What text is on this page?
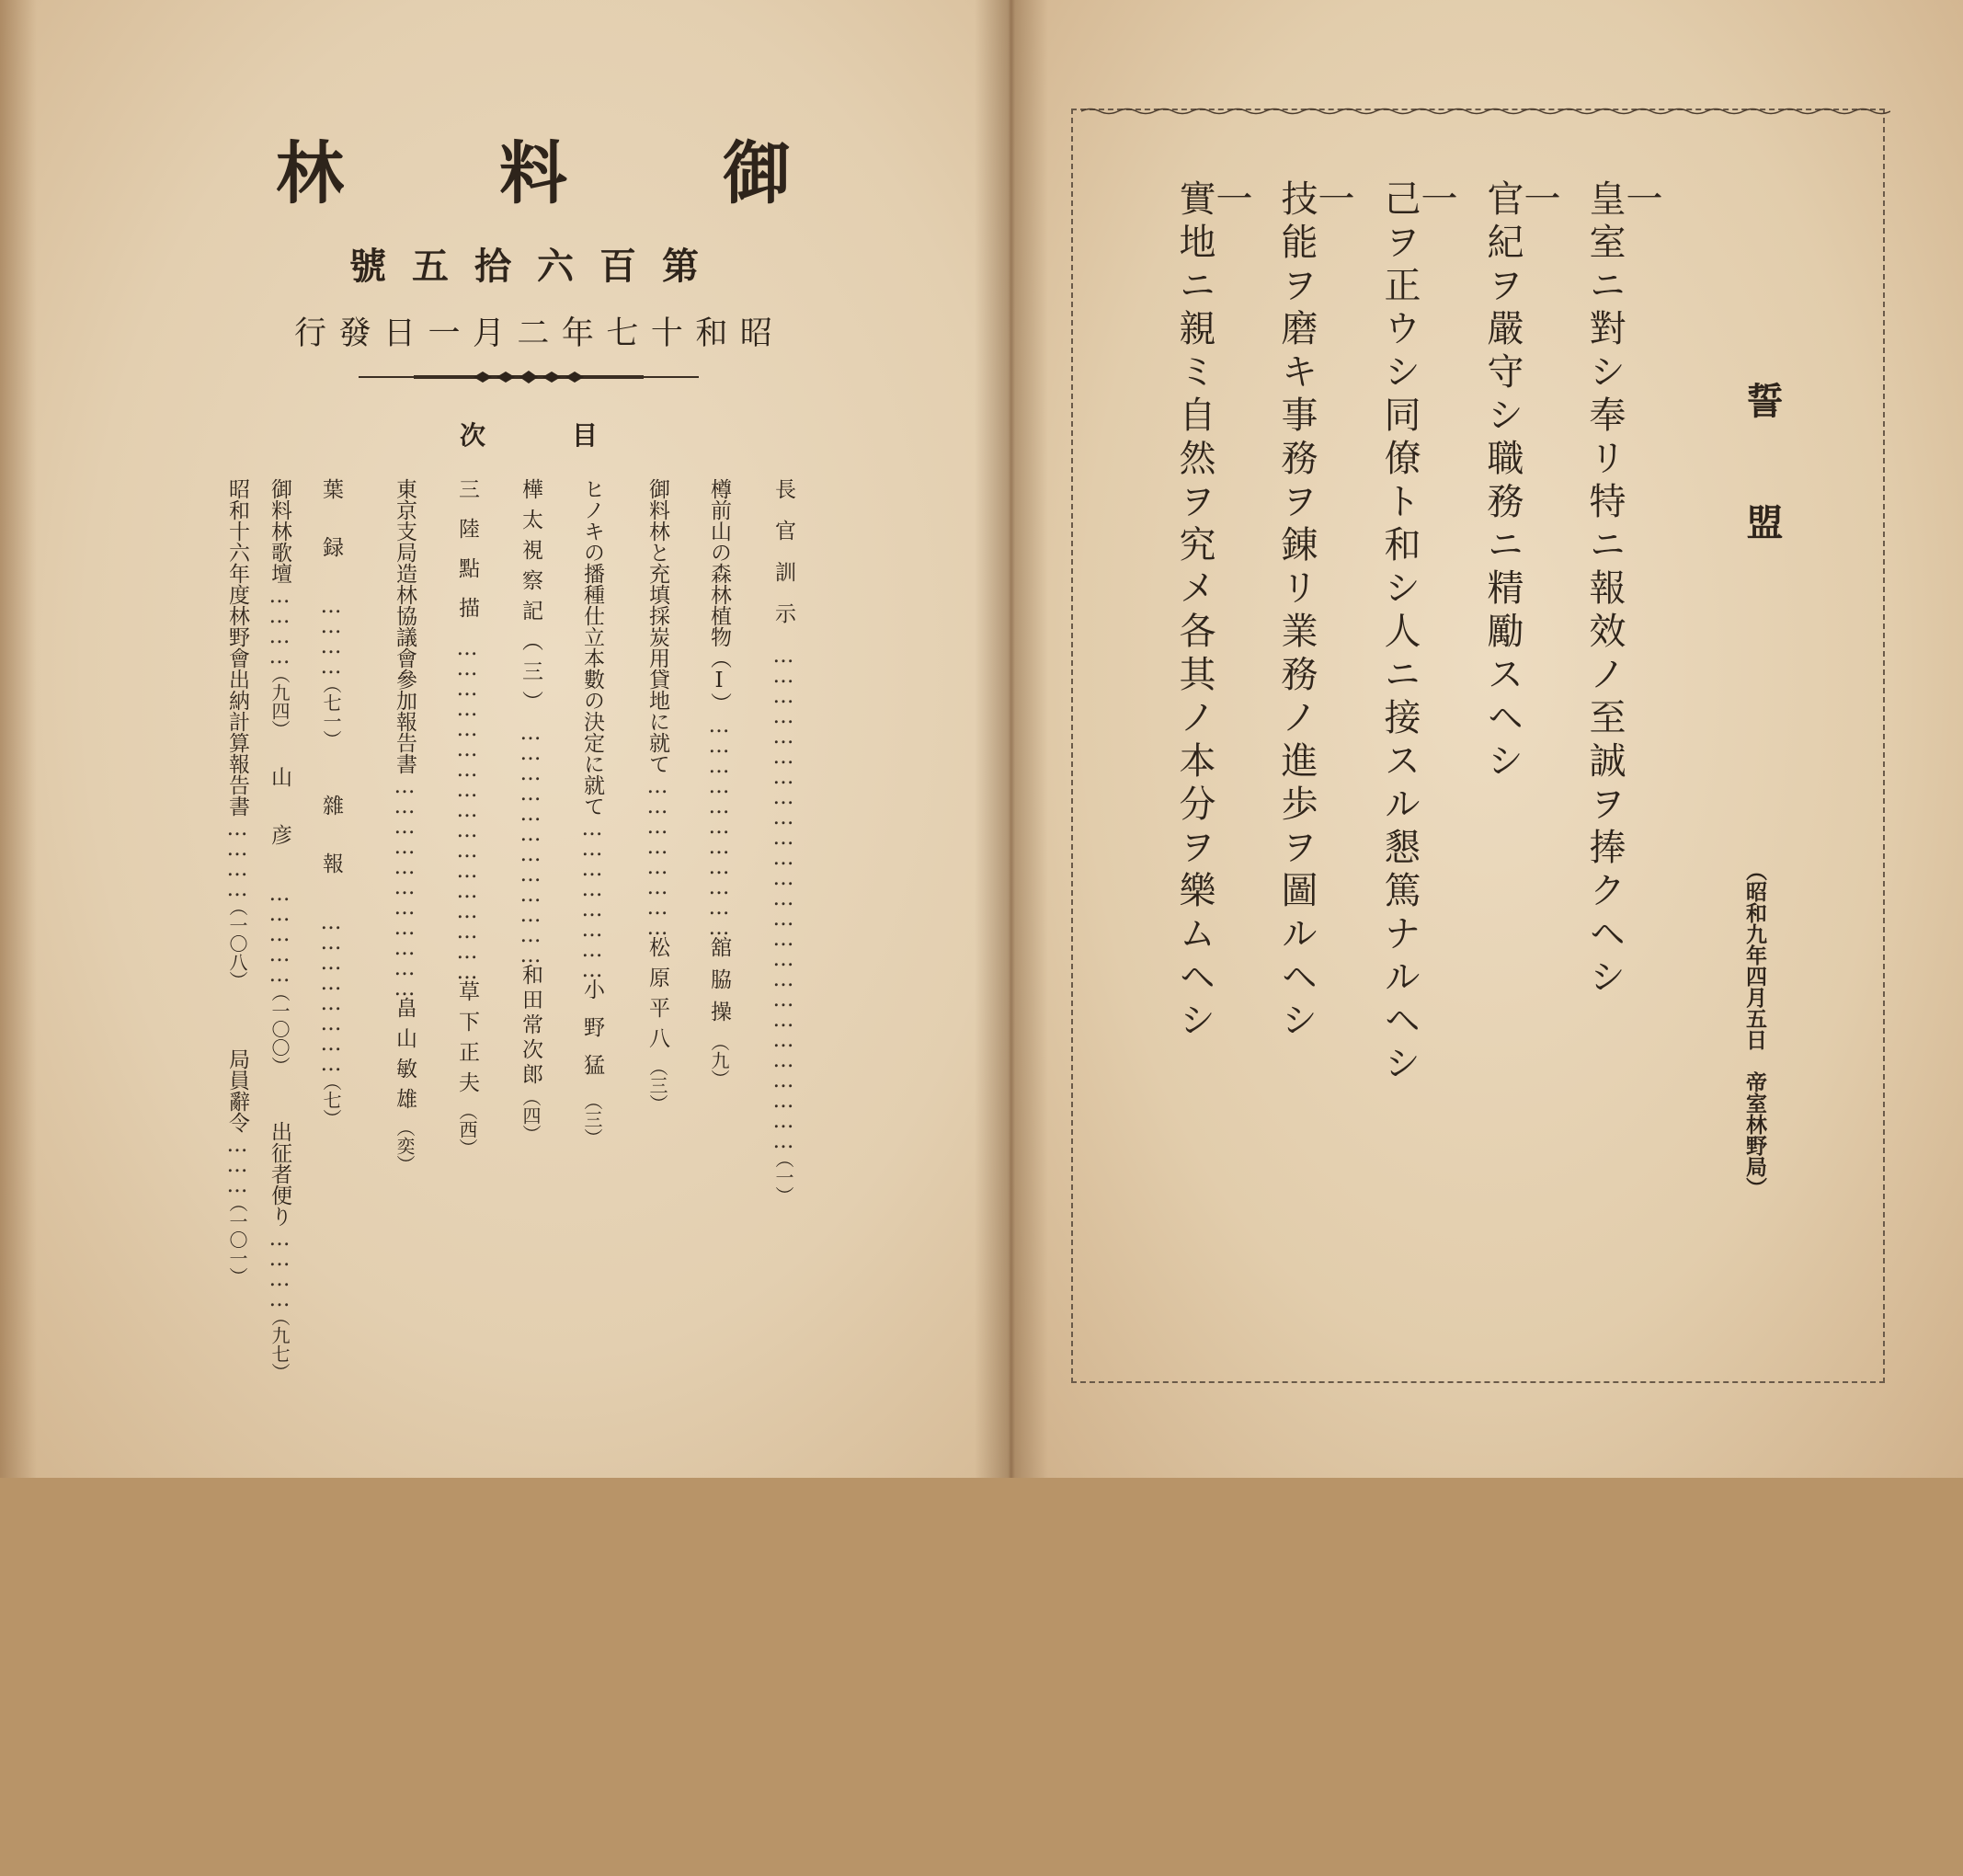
林 料 御
號 五 拾 六 百 第
行 發 日 一 月 二 年 七 十 和 昭
次	目
長官訓示…………………………………………………………………（一）
樽前山の森林植物（Ⅰ）……………………………舘脇操（九）
御料林と充填採炭用貸地に就て……………………松原平八（三）
ヒノキの播種仕立本數の決定に就て……………………小野猛（三）
樺太視察記（三）………………………………和田常次郎（四）
三陸點描……………………………………………草下正夫（西）
東京支局造林協議會參加報告書……………………………畠山敏雄（奕）
葉録…………（七一）雜報……………………（七）
御料林歌壇…………（九四）山彦……………（一〇〇）出征者便り…………（九七）
昭和十六年度林野會出納計算報告書…………（一〇八）
局員辭令………（一〇一）
誓盟
一
皇室ニ對シ奉リ特ニ報效ノ至誠ヲ捧クヘシ
一
官紀ヲ嚴守シ職務ニ精勵スヘシ
一
己ヲ正ウシ同僚ト和シ人ニ接スル懇篤ナルヘシ
一
技能ヲ磨キ事務ヲ錬リ業務ノ進歩ヲ圖ルヘシ
一
實地ニ親ミ自然ヲ究メ各其ノ本分ヲ樂ムヘシ	（昭和九年四月五日　帝室林野局）
